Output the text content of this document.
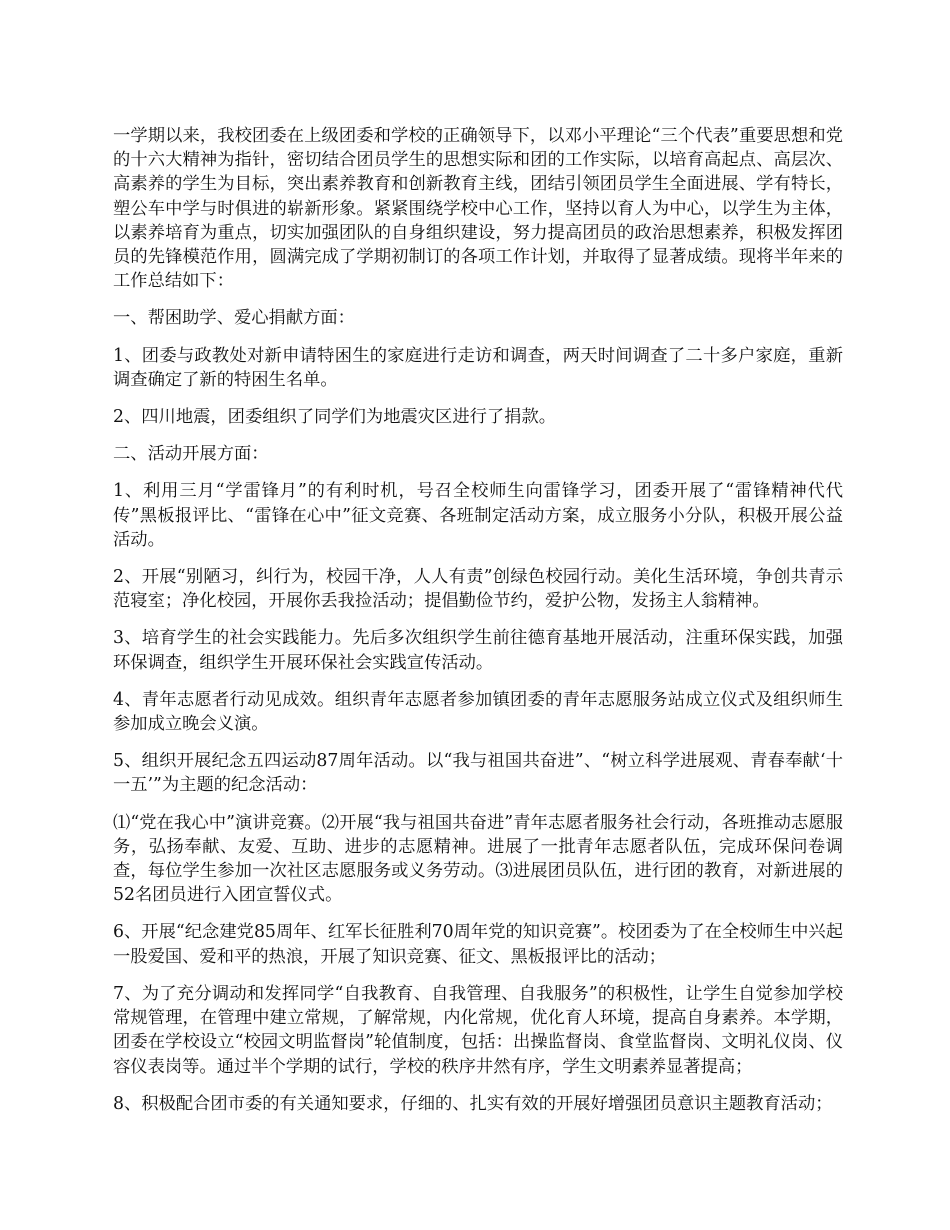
一学期以来，我校团委在上级团委和学校的正确领导下，以邓小平理论“三个代表”重要思想和党的十六大精神为指针，密切结合团员学生的思想实际和团的工作实际，以培育高起点、高层次、高素养的学生为目标，突出素养教育和创新教育主线，团结引领团员学生全面进展、学有特长，塑公车中学与时俱进的崭新形象。紧紧围绕学校中心工作，坚持以育人为中心，以学生为主体，以素养培育为重点，切实加强团队的自身组织建设，努力提高团员的政治思想素养，积极发挥团员的先锋模范作用，圆满完成了学期初制订的各项工作计划，并取得了显著成绩。现将半年来的工作总结如下：

一、帮困助学、爱心捐献方面：

1、团委与政教处对新申请特困生的家庭进行走访和调查，两天时间调查了二十多户家庭，重新调查确定了新的特困生名单。

2、四川地震，团委组织了同学们为地震灾区进行了捐款。

二、活动开展方面：

1、利用三月“学雷锋月”的有利时机，号召全校师生向雷锋学习，团委开展了“雷锋精神代代传”黑板报评比、“雷锋在心中”征文竞赛、各班制定活动方案，成立服务小分队，积极开展公益活动。

2、开展“别陋习，纠行为，校园干净，人人有责”创绿色校园行动。美化生活环境，争创共青示范寝室；净化校园，开展你丢我捡活动；提倡勤俭节约，爱护公物，发扬主人翁精神。

3、培育学生的社会实践能力。先后多次组织学生前往德育基地开展活动，注重环保实践，加强环保调查，组织学生开展环保社会实践宣传活动。

4、青年志愿者行动见成效。组织青年志愿者参加镇团委的青年志愿服务站成立仪式及组织师生参加成立晚会义演。

5、组织开展纪念五四运动87周年活动。以“我与祖国共奋进”、“树立科学进展观、青春奉献‘十一五’”为主题的纪念活动：

⑴“党在我心中”演讲竞赛。⑵开展“我与祖国共奋进”青年志愿者服务社会行动，各班推动志愿服务，弘扬奉献、友爱、互助、进步的志愿精神。进展了一批青年志愿者队伍，完成环保问卷调查，每位学生参加一次社区志愿服务或义务劳动。⑶进展团员队伍，进行团的教育，对新进展的52名团员进行入团宣誓仪式。

6、开展“纪念建党85周年、红军长征胜利70周年党的知识竞赛”。校团委为了在全校师生中兴起一股爱国、爱和平的热浪，开展了知识竞赛、征文、黑板报评比的活动；

7、为了充分调动和发挥同学“自我教育、自我管理、自我服务”的积极性，让学生自觉参加学校常规管理，在管理中建立常规，了解常规，内化常规，优化育人环境，提高自身素养。本学期，团委在学校设立“校园文明监督岗”轮值制度，包括：出操监督岗、食堂监督岗、文明礼仪岗、仪容仪表岗等。通过半个学期的试行，学校的秩序井然有序，学生文明素养显著提高；

8、积极配合团市委的有关通知要求，仔细的、扎实有效的开展好增强团员意识主题教育活动；
